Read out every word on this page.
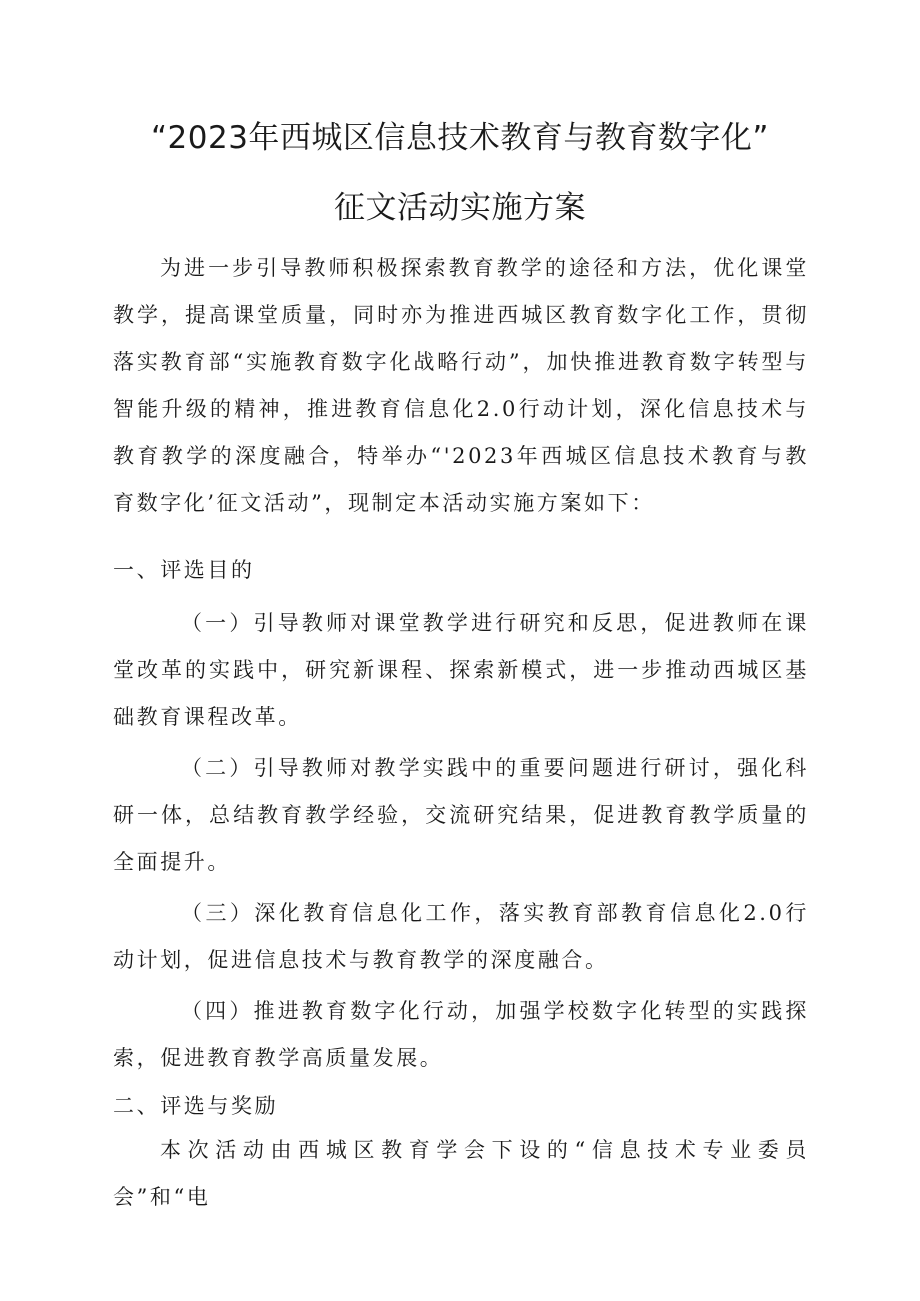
“2023年西城区信息技术教育与教育数字化”
征文活动实施方案

为进一步引导教师积极探索教育教学的途径和方法，优化课堂教学，提高课堂质量，同时亦为推进西城区教育数字化工作，贯彻落实教育部“实施教育数字化战略行动”，加快推进教育数字转型与智能升级的精神，推进教育信息化2.0行动计划，深化信息技术与教育教学的深度融合，特举办“'2023年西城区信息技术教育与教育数字化’征文活动”，现制定本活动实施方案如下：

一、评选目的

（一）引导教师对课堂教学进行研究和反思，促进教师在课堂改革的实践中，研究新课程、探索新模式，进一步推动西城区基础教育课程改革。

（二）引导教师对教学实践中的重要问题进行研讨，强化科研一体，总结教育教学经验，交流研究结果，促进教育教学质量的全面提升。

（三）深化教育信息化工作，落实教育部教育信息化2.0行动计划，促进信息技术与教育教学的深度融合。

（四）推进教育数字化行动，加强学校数字化转型的实践探索，促进教育教学高质量发展。

二、评选与奖励

本次活动由西城区教育学会下设的“信息技术专业委员会”和“电
